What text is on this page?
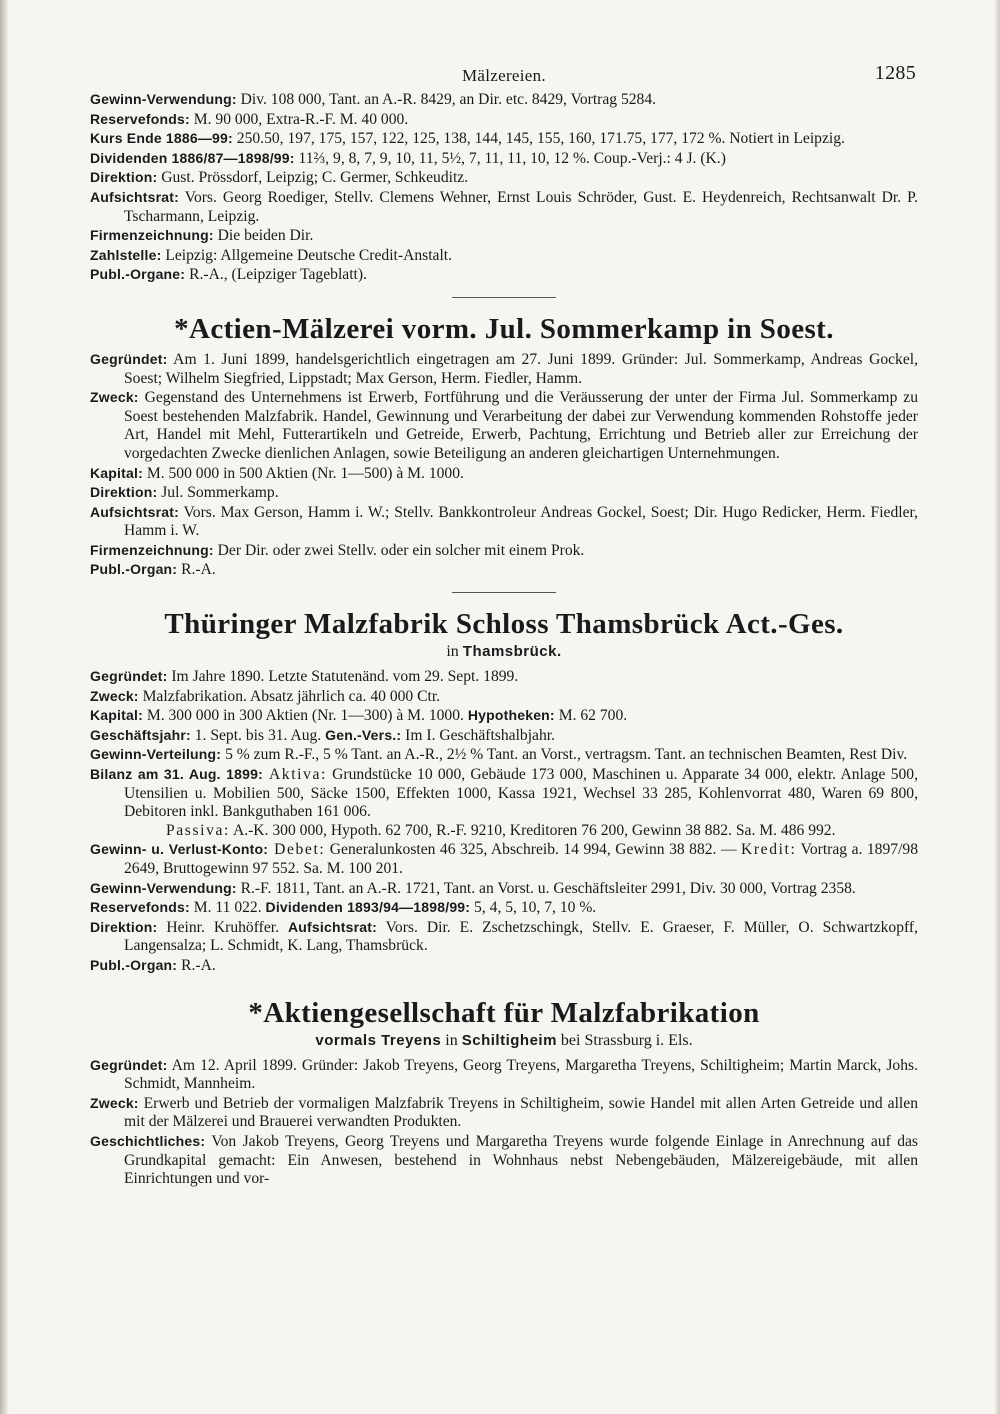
Mälzereien.	1285

Gewinn-Verwendung: Div. 108 000, Tant. an A.-R. 8429, an Dir. etc. 8429, Vortrag 5284.

Reservefonds: M. 90 000, Extra-R.-F. M. 40 000.

Kurs Ende 1886—99: 250.50, 197, 175, 157, 122, 125, 138, 144, 145, 155, 160, 171.75, 177, 172 %. Notiert in Leipzig.

Dividenden 1886/87—1898/99: 11⅔, 9, 8, 7, 9, 10, 11, 5½, 7, 11, 11, 10, 12 %. Coup.-Verj.: 4 J. (K.)

Direktion: Gust. Prössdorf, Leipzig; C. Germer, Schkeuditz.

Aufsichtsrat: Vors. Georg Roediger, Stellv. Clemens Wehner, Ernst Louis Schröder, Gust. E. Heydenreich, Rechtsanwalt Dr. P. Tscharmann, Leipzig.

Firmenzeichnung: Die beiden Dir.

Zahlstelle: Leipzig: Allgemeine Deutsche Credit-Anstalt.

Publ.-Organe: R.-A., (Leipziger Tageblatt).

*Actien-Mälzerei vorm. Jul. Sommerkamp in Soest.

Gegründet: Am 1. Juni 1899, handelsgerichtlich eingetragen am 27. Juni 1899. Gründer: Jul. Sommerkamp, Andreas Gockel, Soest; Wilhelm Siegfried, Lippstadt; Max Gerson, Herm. Fiedler, Hamm.

Zweck: Gegenstand des Unternehmens ist Erwerb, Fortführung und die Veräusserung der unter der Firma Jul. Sommerkamp zu Soest bestehenden Malzfabrik. Handel, Gewinnung und Verarbeitung der dabei zur Verwendung kommenden Rohstoffe jeder Art, Handel mit Mehl, Futterartikeln und Getreide, Erwerb, Pachtung, Errichtung und Betrieb aller zur Erreichung der vorgedachten Zwecke dienlichen Anlagen, sowie Beteiligung an anderen gleichartigen Unternehmungen.

Kapital: M. 500 000 in 500 Aktien (Nr. 1—500) à M. 1000.

Direktion: Jul. Sommerkamp.

Aufsichtsrat: Vors. Max Gerson, Hamm i. W.; Stellv. Bankkontroleur Andreas Gockel, Soest; Dir. Hugo Redicker, Herm. Fiedler, Hamm i. W.

Firmenzeichnung: Der Dir. oder zwei Stellv. oder ein solcher mit einem Prok.

Publ.-Organ: R.-A.

Thüringer Malzfabrik Schloss Thamsbrück Act.-Ges.
in Thamsbrück.

Gegründet: Im Jahre 1890. Letzte Statutenänd. vom 29. Sept. 1899.

Zweck: Malzfabrikation. Absatz jährlich ca. 40 000 Ctr.

Kapital: M. 300 000 in 300 Aktien (Nr. 1—300) à M. 1000. Hypotheken: M. 62 700.

Geschäftsjahr: 1. Sept. bis 31. Aug. Gen.-Vers.: Im I. Geschäftshalbjahr.

Gewinn-Verteilung: 5 % zum R.-F., 5 % Tant. an A.-R., 2½ % Tant. an Vorst., vertragsm. Tant. an technischen Beamten, Rest Div.

Bilanz am 31. Aug. 1899: Aktiva: Grundstücke 10 000, Gebäude 173 000, Maschinen u. Apparate 34 000, elektr. Anlage 500, Utensilien u. Mobilien 500, Säcke 1500, Effekten 1000, Kassa 1921, Wechsel 33 285, Kohlenvorrat 480, Waren 69 800, Debitoren inkl. Bankguthaben 161 006.

Passiva: A.-K. 300 000, Hypoth. 62 700, R.-F. 9210, Kreditoren 76 200, Gewinn 38 882. Sa. M. 486 992.

Gewinn- u. Verlust-Konto: Debet: Generalunkosten 46 325, Abschreib. 14 994, Gewinn 38 882. — Kredit: Vortrag a. 1897/98 2649, Bruttogewinn 97 552. Sa. M. 100 201.

Gewinn-Verwendung: R.-F. 1811, Tant. an A.-R. 1721, Tant. an Vorst. u. Geschäftsleiter 2991, Div. 30 000, Vortrag 2358.

Reservefonds: M. 11 022. Dividenden 1893/94—1898/99: 5, 4, 5, 10, 7, 10 %.

Direktion: Heinr. Kruhöffer. Aufsichtsrat: Vors. Dir. E. Zschetzschingk, Stellv. E. Graeser, F. Müller, O. Schwartzkopff, Langensalza; L. Schmidt, K. Lang, Thamsbrück.

Publ.-Organ: R.-A.

*Aktiengesellschaft für Malzfabrikation
vormals Treyens in Schiltigheim bei Strassburg i. Els.

Gegründet: Am 12. April 1899. Gründer: Jakob Treyens, Georg Treyens, Margaretha Treyens, Schiltigheim; Martin Marck, Johs. Schmidt, Mannheim.

Zweck: Erwerb und Betrieb der vormaligen Malzfabrik Treyens in Schiltigheim, sowie Handel mit allen Arten Getreide und allen mit der Mälzerei und Brauerei verwandten Produkten.

Geschichtliches: Von Jakob Treyens, Georg Treyens und Margaretha Treyens wurde folgende Einlage in Anrechnung auf das Grundkapital gemacht: Ein Anwesen, bestehend in Wohnhaus nebst Nebengebäuden, Mälzereigebäude, mit allen Einrichtungen und vor-
